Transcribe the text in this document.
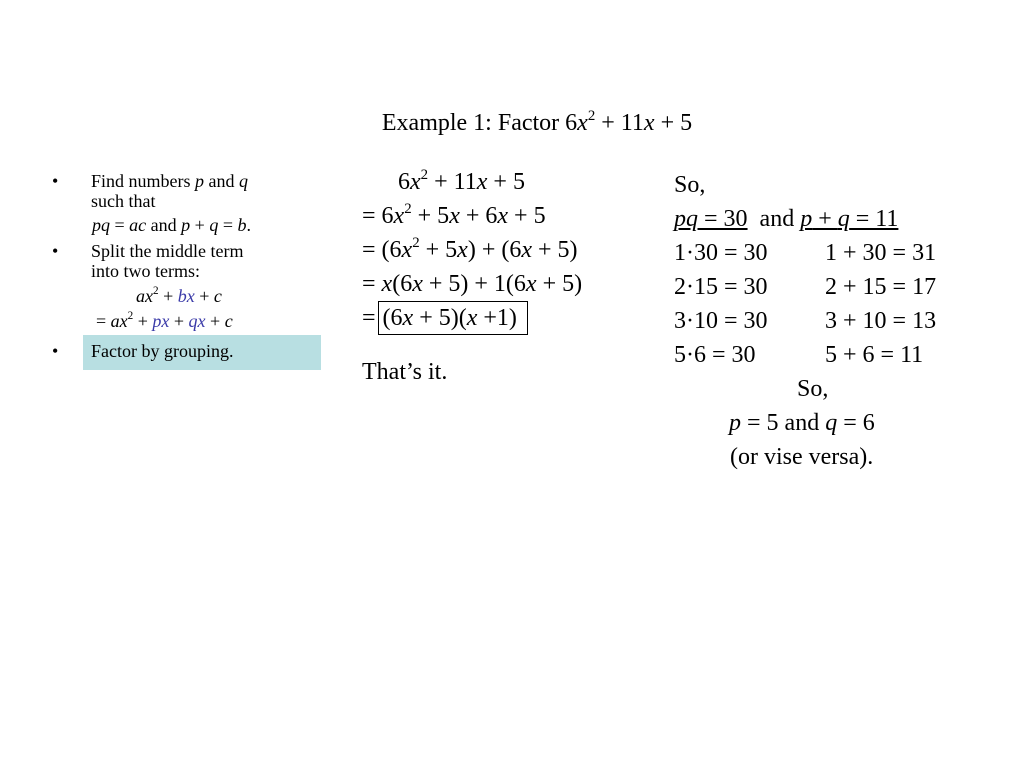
Example 1: Factor $6x^2 + 11x + 5$
• Find numbers p and q
such that
pq = ac and p + q = b.
• Split the middle term
into two terms:
$ax^2$ + bx + c
= $ax^2$ + px + qx + c
•	Factor by grouping.
$6x^2 + 11x + 5$
= $6x^2 + 5x + 6x + 5$
= $(6x^2 + 5x) + (6x + 5)$
= x(6x + 5) + 1(6x + 5)
= (6x + 5)(x +1)
That’s it.
So,
pq = 30  and p + q = 11
1·30 = 30 1 + 30 = 31
2·15 = 30 2 + 15 = 17
3·10 = 30 3 + 10 = 13
5·6 = 30	5 + 6 = 11
So,
p = 5 and q = 6
(or vise versa).
